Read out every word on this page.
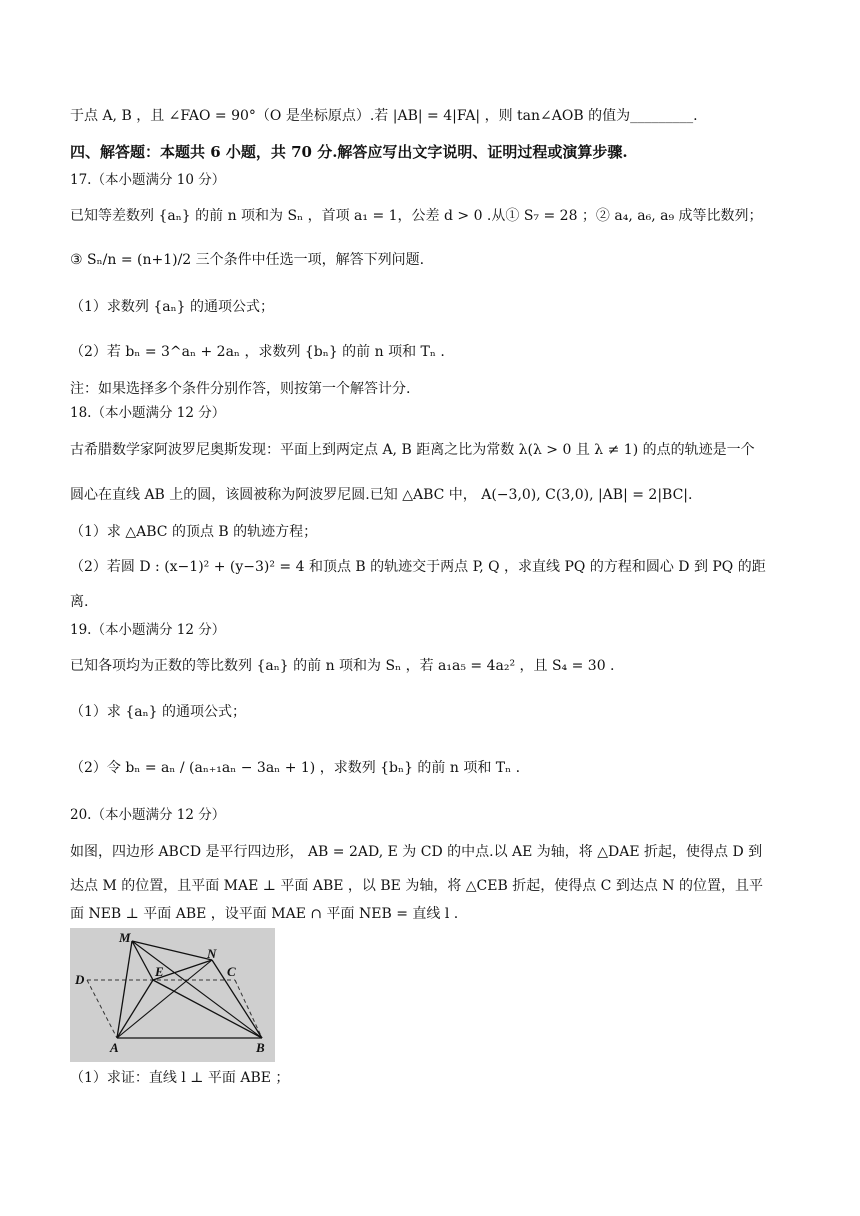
于点 A, B ，且 ∠FAO = 90°（O 是坐标原点）.若 |AB| = 4|FA| ，则 tan∠AOB 的值为_________.
四、解答题：本题共 6 小题，共 70 分.解答应写出文字说明、证明过程或演算步骤.
17.（本小题满分 10 分）
已知等差数列 {aₙ} 的前 n 项和为 Sₙ ，首项 a₁ = 1，公差 d > 0 .从① S₇ = 28 ；② a₄, a₆, a₉ 成等比数列；
③ Sₙ/n = (n+1)/2 三个条件中任选一项，解答下列问题.
（1）求数列 {aₙ} 的通项公式；
（2）若 bₙ = 3^aₙ + 2aₙ ，求数列 {bₙ} 的前 n 项和 Tₙ .
注：如果选择多个条件分别作答，则按第一个解答计分.
18.（本小题满分 12 分）
古希腊数学家阿波罗尼奥斯发现：平面上到两定点 A, B 距离之比为常数 λ(λ > 0 且 λ ≠ 1) 的点的轨迹是一个
圆心在直线 AB 上的圆，该圆被称为阿波罗尼圆.已知 △ABC 中， A(−3,0), C(3,0), |AB| = 2|BC|.
（1）求 △ABC 的顶点 B 的轨迹方程；
（2）若圆 D : (x−1)² + (y−3)² = 4 和顶点 B 的轨迹交于两点 P, Q ，求直线 PQ 的方程和圆心 D 到 PQ 的距
离.
19.（本小题满分 12 分）
已知各项均为正数的等比数列 {aₙ} 的前 n 项和为 Sₙ ，若 a₁a₅ = 4a₂² ，且 S₄ = 30 .
（1）求 {aₙ} 的通项公式；
（2）令 bₙ = aₙ / (aₙ₊₁aₙ − 3aₙ + 1) ，求数列 {bₙ} 的前 n 项和 Tₙ .
20.（本小题满分 12 分）
如图，四边形 ABCD 是平行四边形， AB = 2AD, E 为 CD 的中点.以 AE 为轴，将 △DAE 折起，使得点 D 到
达点 M 的位置，且平面 MAE ⊥ 平面 ABE ，以 BE 为轴，将 △CEB 折起，使得点 C 到达点 N 的位置，且平
面 NEB ⊥ 平面 ABE ，设平面 MAE ∩ 平面 NEB = 直线 l .
M
N
E	C
D
A	B
（1）求证：直线 l ⊥ 平面 ABE ；
